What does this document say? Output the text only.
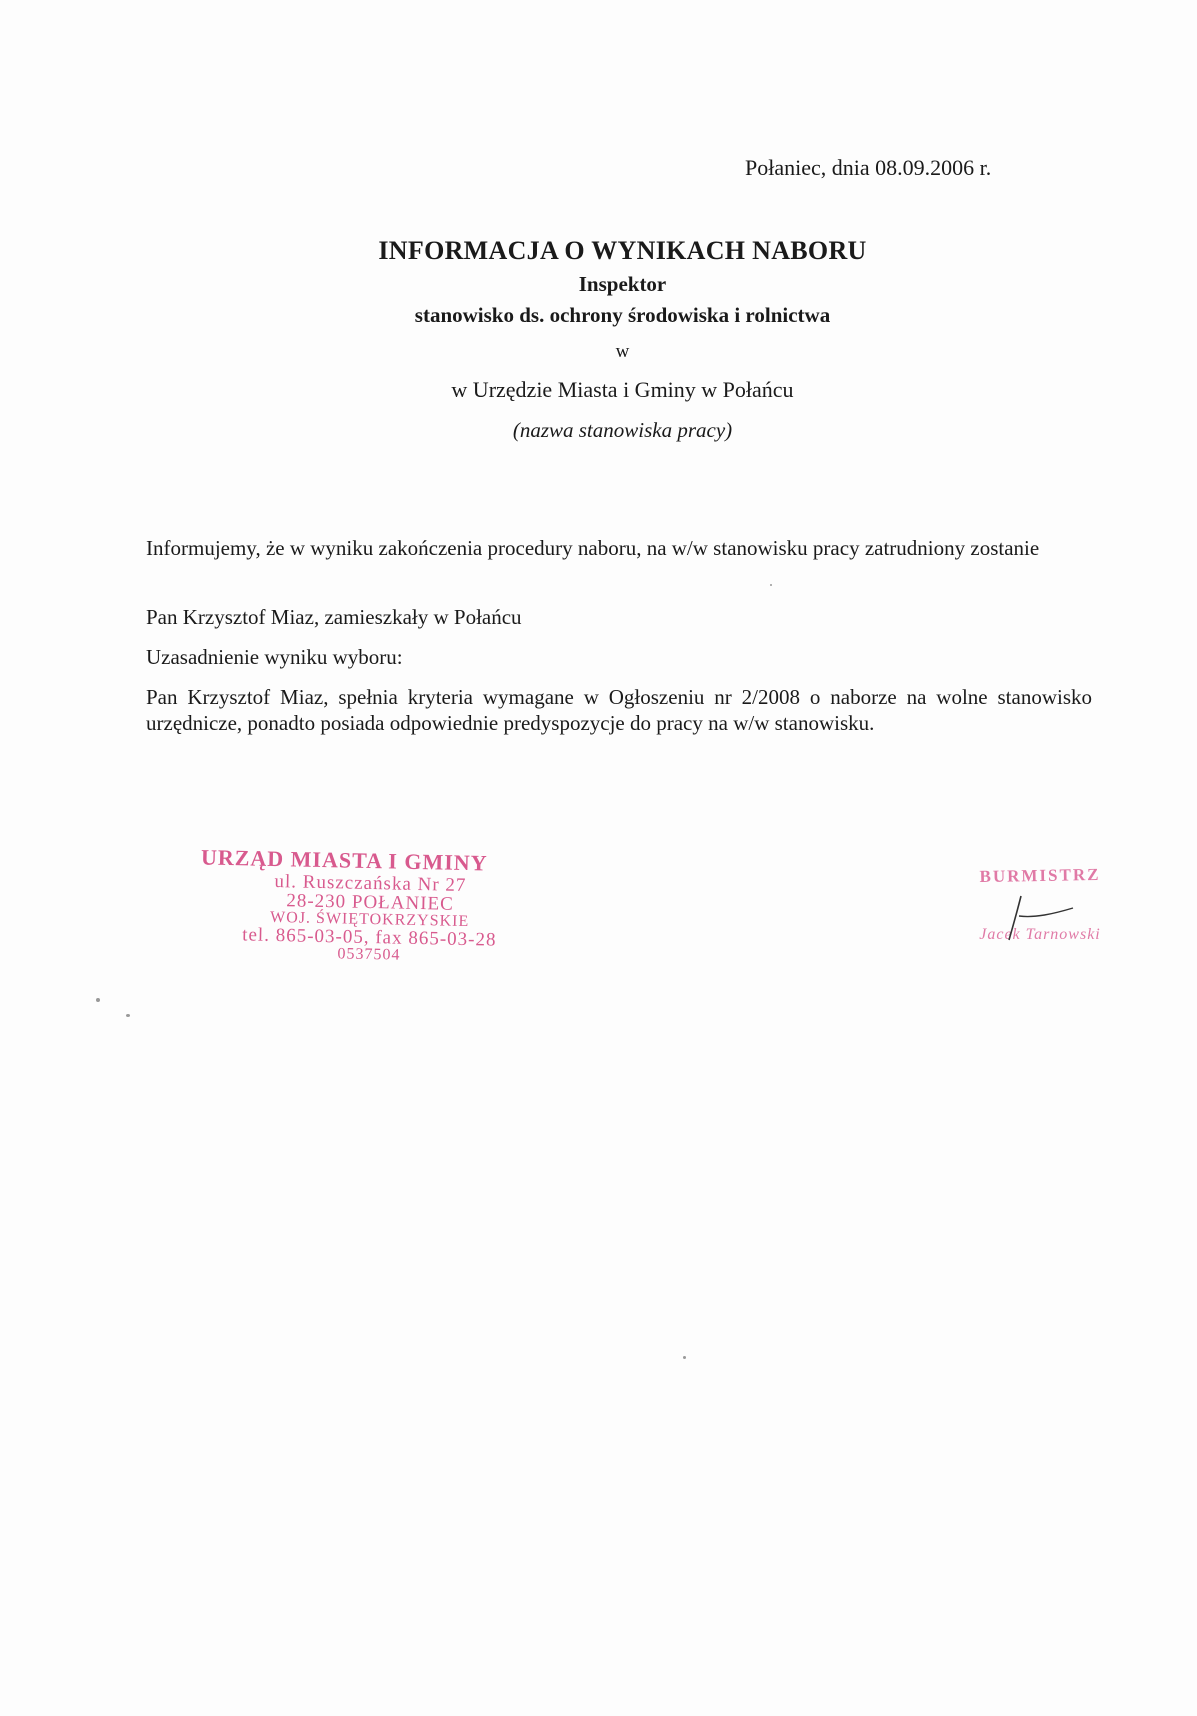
Połaniec, dnia 08.09.2006 r.
INFORMACJA O WYNIKACH NABORU
Inspektor
stanowisko ds. ochrony środowiska i rolnictwa
w
w Urzędzie Miasta i Gminy w Połańcu
(nazwa stanowiska pracy)
Informujemy, że w wyniku zakończenia procedury naboru, na w/w stanowisku pracy zatrudniony zostanie
Pan Krzysztof Miaz, zamieszkały w Połańcu
Uzasadnienie wyniku wyboru:
Pan Krzysztof Miaz, spełnia kryteria wymagane w Ogłoszeniu nr 2/2008 o naborze na wolne stanowisko urzędnicze, ponadto posiada odpowiednie predyspozycje do pracy na w/w stanowisku.
URZĄD MIASTA I GMINY
ul. Ruszczańska Nr 27
28-230 POŁANIEC
WOJ. ŚWIĘTOKRZYSKIE
tel. 865-03-05, fax 865-03-28
0537504
BURMISTRZ
Jacek Tarnowski
